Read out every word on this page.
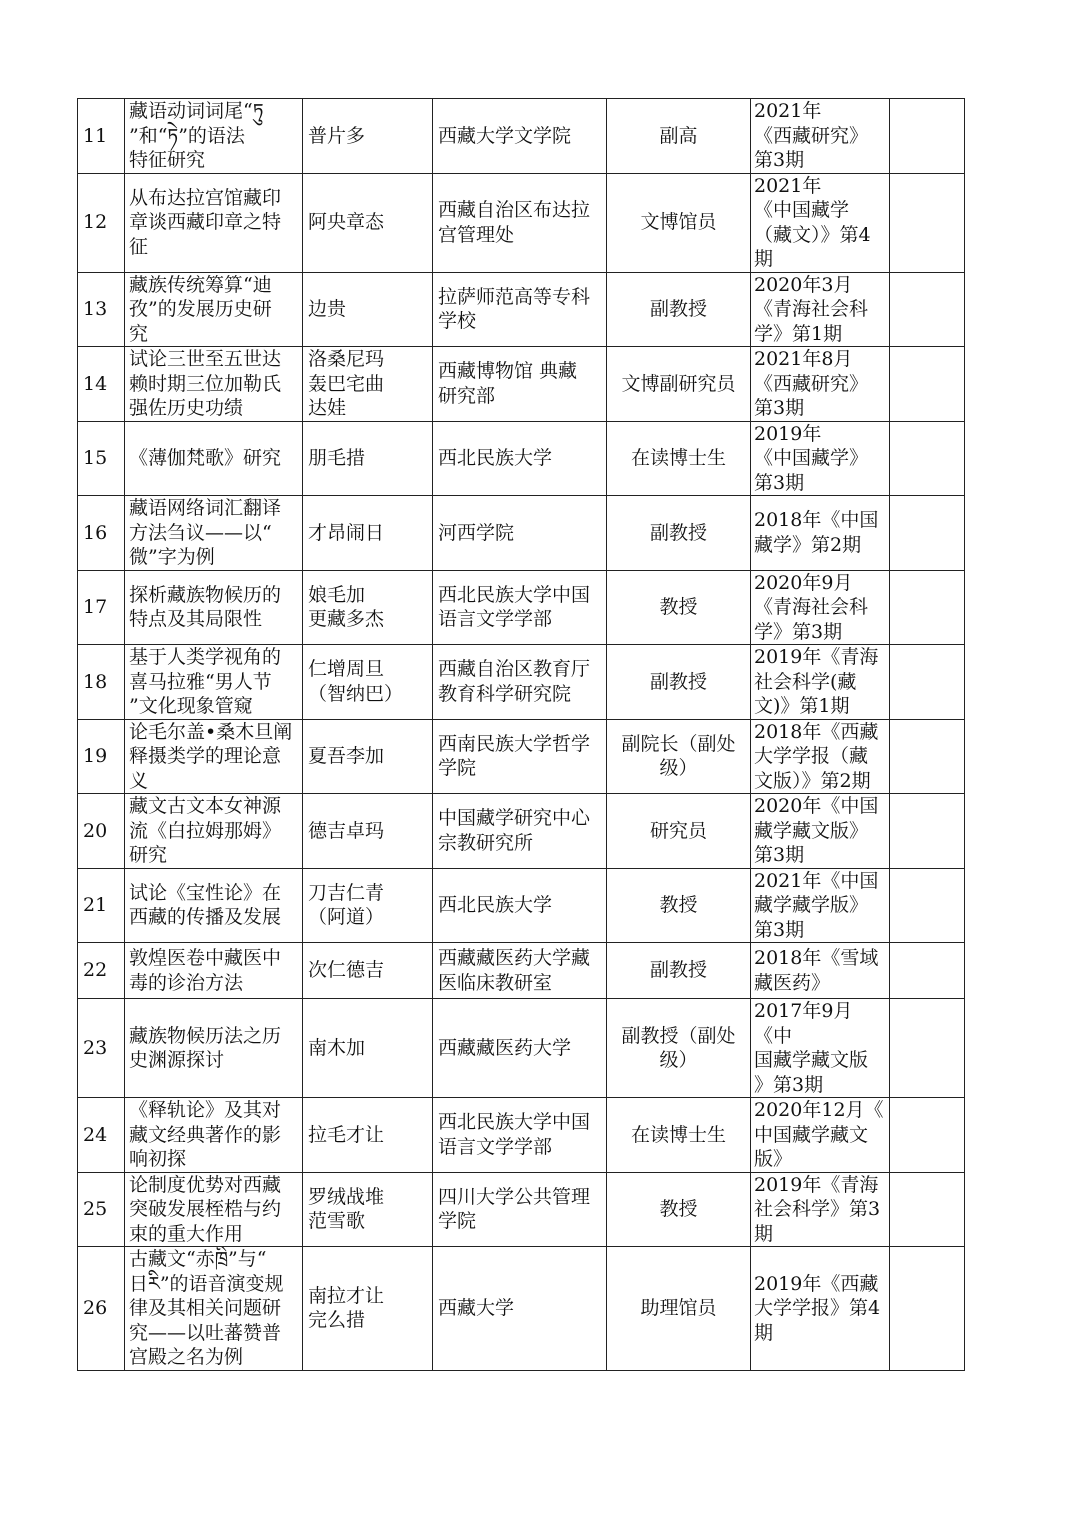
11	藏语动词词尾“ཏུ
”和“ཏེ”的语法
特征研究	普片多	西藏大学文学院	副高	2021年
《西藏研究》
第3期	
12	从布达拉宫馆藏印
章谈西藏印章之特
征	阿央章态	西藏自治区布达拉
宫管理处	文博馆员	2021年
《中国藏学
（藏文）》第4
期	
13	藏族传统筹算“迪
孜”的发展历史研
究	边贵	拉萨师范高等专科
学校	副教授	2020年3月
《青海社会科
学》第1期	
14	试论三世至五世达
赖时期三位加勒氏
强佐历史功绩	洛桑尼玛
轰巴宅曲
达娃	西藏博物馆 典藏
研究部	文博副研究员	2021年8月
《西藏研究》
第3期	
15	《薄伽梵歌》研究	朋毛措	西北民族大学	在读博士生	2019年
《中国藏学》
第3期	
16	藏语网络词汇翻译
方法刍议——以“
微”字为例	才昂闹日	河西学院	副教授	2018年《中国
藏学》第2期	
17	探析藏族物候历的
特点及其局限性	娘毛加
更藏多杰	西北民族大学中国
语言文学学部	教授	2020年9月
《青海社会科
学》第3期	
18	基于人类学视角的
喜马拉雅“男人节
”文化现象管窥	仁增周旦
（智纳巴）	西藏自治区教育厅
教育科学研究院	副教授	2019年《青海
社会科学(藏
文)》第1期	
19	论毛尔盖•桑木旦阐
释摄类学的理论意
义	夏吾李加	西南民族大学哲学
学院	副院长（副处
级）	2018年《西藏
大学学报（藏
文版）》第2期	
20	藏文古文本女神源
流《白拉姆那姆》
研究	德吉卓玛	中国藏学研究中心
宗教研究所	研究员	2020年《中国
藏学藏文版》
第3期	
21	试论《宝性论》在
西藏的传播及发展	刀吉仁青
（阿道）	西北民族大学	教授	2021年《中国
藏学藏学版》
第3期	
22	敦煌医卷中藏医中
毒的诊治方法	次仁德吉	西藏藏医药大学藏
医临床教研室	副教授	2018年《雪域
藏医药》	
23	藏族物候历法之历
史渊源探讨	南木加	西藏藏医药大学	副教授（副处
级）	2017年9月《中
国藏学藏文版
》第3期	
24	《释轨论》及其对
藏文经典著作的影
响初探	拉毛才让	西北民族大学中国
语言文学学部	在读博士生	2020年12月《
中国藏学藏文
版》	
25	论制度优势对西藏
突破发展桎梏与约
束的重大作用	罗绒战堆
范雪歌	四川大学公共管理
学院	教授	2019年《青海
社会科学》第3
期	
26	古藏文“赤ཁྲི”与“
日རི”的语音演变规
律及其相关问题研
究——以吐蕃赞普
宫殿之名为例	南拉才让
完么措	西藏大学	助理馆员	2019年《西藏
大学学报》第4
期	
